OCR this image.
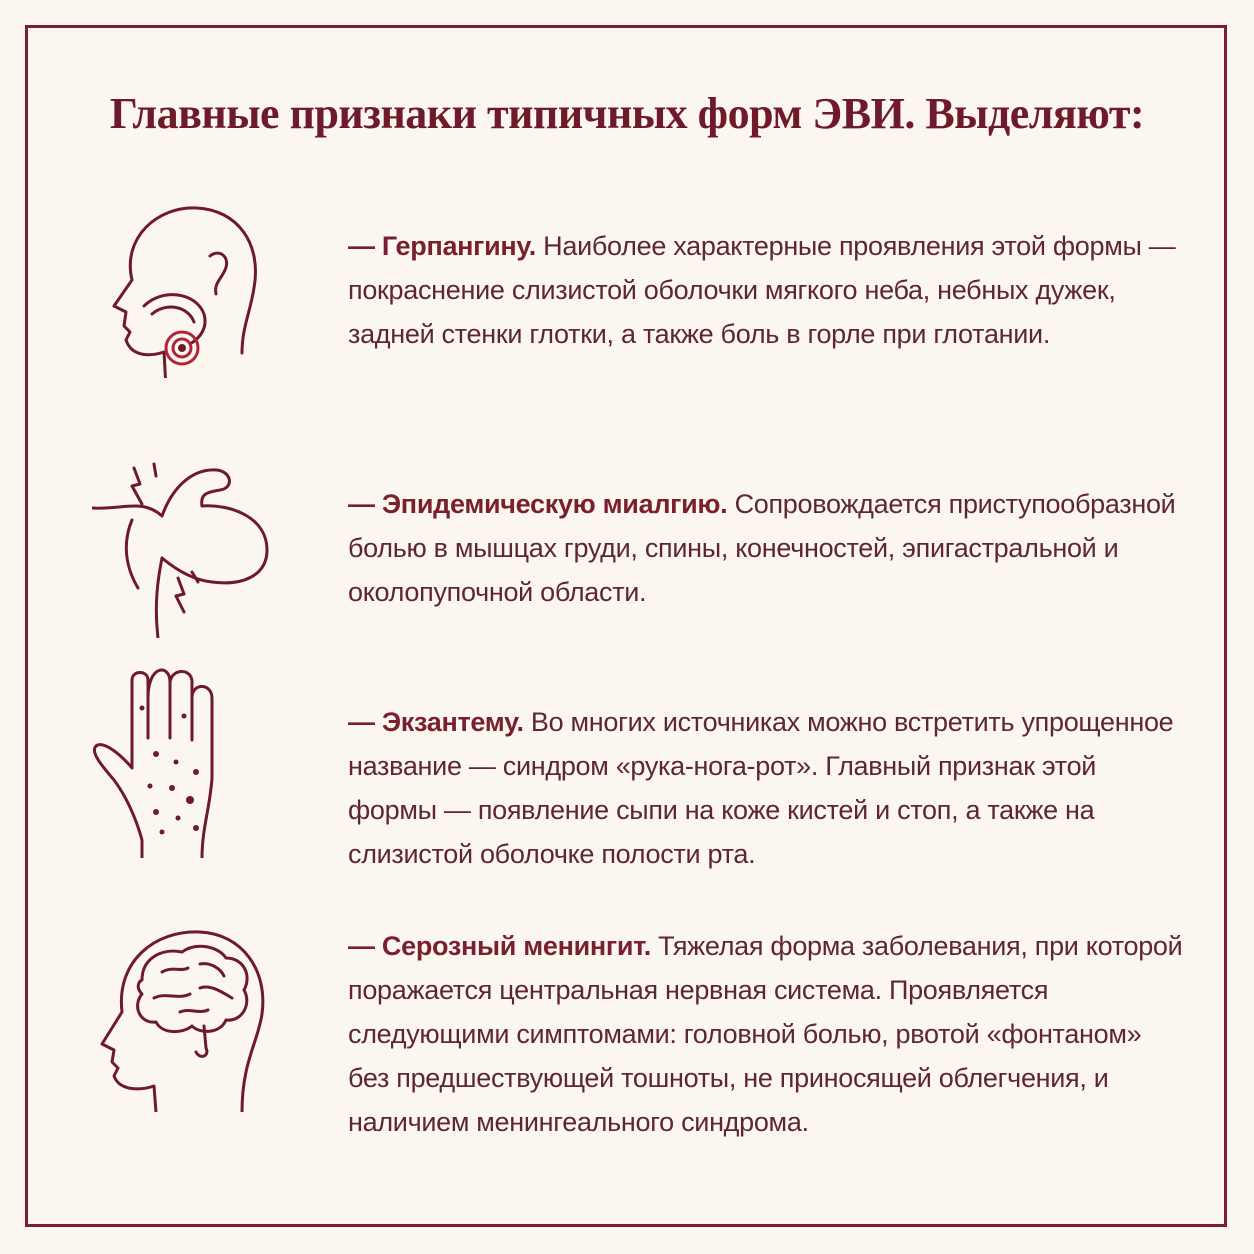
Главные признаки типичных форм ЭВИ. Выделяют:

— Герпангину. Наиболее характерные проявления этой формы — покраснение слизистой оболочки мягкого неба, небных дужек, задней стенки глотки, а также боль в горле при глотании.

— Эпидемическую миалгию. Сопровождается приступообразной болью в мышцах груди, спины, конечностей, эпигастральной и околопупочной области.

— Экзантему. Во многих источниках можно встретить упрощенное название — синдром «рука-нога-рот». Главный признак этой формы — появление сыпи на коже кистей и стоп, а также на слизистой оболочке полости рта.

— Серозный менингит. Тяжелая форма заболевания, при которой поражается центральная нервная система. Проявляется следующими симптомами: головной болью, рвотой «фонтаном» без предшествующей тошноты, не приносящей облегчения, и наличием менингеального синдрома.
